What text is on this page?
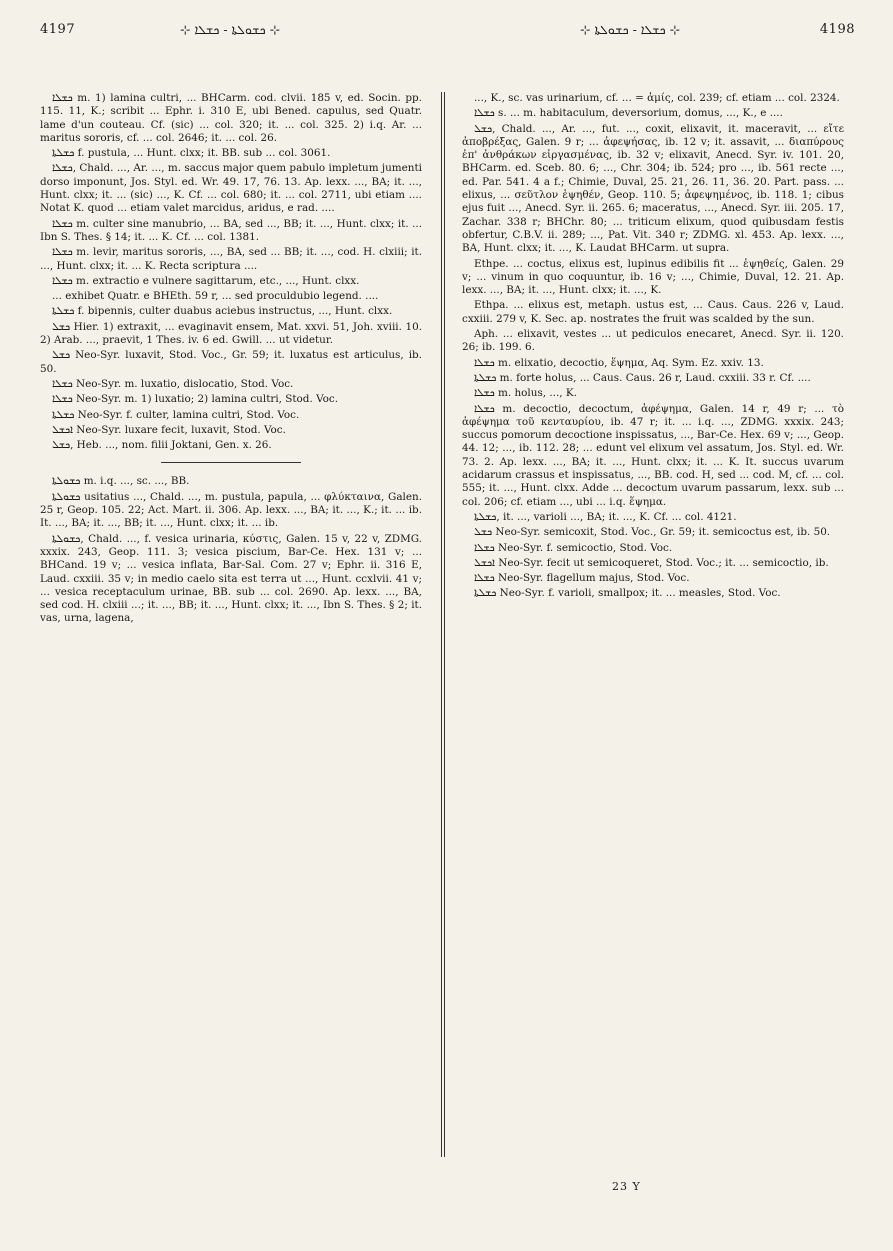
4197	⊹ ܟܫܘܠܬܐ - ܟܫܠܐ ⊹	⊹ ܟܫܠܐ - ܟܫܘܠܬܐ ⊹	4198

ܟܫܠܐ m. 1) lamina cultri, ... BHCarm. cod. clvii. 185 v, ed. Socin. pp. 115. 11, K.; scribit ... Ephr. i. 310 E, ubi Bened. capulus, sed Quatr. lame d'un couteau. Cf. (sic) ... col. 320; it. ... col. 325. 2) i.q. Ar. ... maritus sororis, cf. ... col. 2646; it. ... col. 26.

ܟܫܠܬܐ f. pustula, ... Hunt. clxx; it. BB. sub ... col. 3061.

ܟܫܠܐ, Chald. ..., Ar. ..., m. saccus major quem pabulo impletum jumenti dorso imponunt, Jos. Styl. ed. Wr. 49. 17, 76. 13. Ap. lexx. ..., BA; it. ..., Hunt. clxx; it. ... (sic) ..., K. Cf. ... col. 680; it. ... col. 2711, ubi etiam .... Notat K. quod ... etiam valet marcidus, aridus, e rad. ....

ܟܫܠܐ m. culter sine manubrio, ... BA, sed ..., BB; it. ..., Hunt. clxx; it. ... Ibn S. Thes. § 14; it. ... K. Cf. ... col. 1381.

ܟܫܠܐ m. levir, maritus sororis, ..., BA, sed ... BB; it. ..., cod. H. clxiii; it. ..., Hunt. clxx; it. ... K. Recta scriptura ....

ܟܫܠܐ m. extractio e vulnere sagittarum, etc., ..., Hunt. clxx.

... exhibet Quatr. e BHEth. 59 r, ... sed proculdubio legend. ....

ܟܫܠܬܐ f. bipennis, culter duabus aciebus instructus, ..., Hunt. clxx.

ܟܫܠ Hier. 1) extraxit, ... evaginavit ensem, Mat. xxvi. 51, Joh. xviii. 10. 2) Arab. ..., praevit, 1 Thes. iv. 6 ed. Gwill. ... ut videtur.

ܟܫܠ Neo-Syr. luxavit, Stod. Voc., Gr. 59; it. luxatus est articulus, ib. 50.

ܟܫܠܐ Neo-Syr. m. luxatio, dislocatio, Stod. Voc.

ܟܫܠܐ Neo-Syr. m. 1) luxatio; 2) lamina cultri, Stod. Voc.

ܟܫܠܬܐ Neo-Syr. f. culter, lamina cultri, Stod. Voc.

ܐܟܫܠ Neo-Syr. luxare fecit, luxavit, Stod. Voc.

ܟܫܠ, Heb. ..., nom. filii Joktani, Gen. x. 26.

ܟܫܘܠܬܐ m. i.q. ..., sc. ..., BB.

ܟܫܘܠܬܐ usitatius ..., Chald. ..., m. pustula, papula, ... φλύκταινα, Galen. 25 r, Geop. 105. 22; Act. Mart. ii. 306. Ap. lexx. ..., BA; it. ..., K.; it. ... ib. It. ..., BA; it. ..., BB; it. ..., Hunt. clxx; it. ... ib.

ܟܫܘܠܬܐ, Chald. ..., f. vesica urinaria, κύστις, Galen. 15 v, 22 v, ZDMG. xxxix. 243, Geop. 111. 3; vesica piscium, Bar-Ce. Hex. 131 v; ... BHCand. 19 v; ... vesica inflata, Bar-Sal. Com. 27 v; Ephr. ii. 316 E, Laud. cxxiii. 35 v; in medio caelo sita est terra ut ..., Hunt. ccxlvii. 41 v; ... vesica receptaculum urinae, BB. sub ... col. 2690. Ap. lexx. ..., BA, sed cod. H. clxiii ...; it. ..., BB; it. ..., Hunt. clxx; it. ..., Ibn S. Thes. § 2; it. vas, urna, lagena,

..., K., sc. vas urinarium, cf. ... = ἀμίς, col. 239; cf. etiam ... col. 2324.

ܟܫܠܐ s. ... m. habitaculum, deversorium, domus, ..., K., e ....

ܟܫܠ, Chald. ..., Ar. ..., fut. ..., coxit, elixavit, it. maceravit, ... εἴτε ἀποβρέξας, Galen. 9 r; ... ἀφεψήσας, ib. 12 v; it. assavit, ... διαπύρους ἐπ' ἀνθράκων εἰργασμένας, ib. 32 v; elixavit, Anecd. Syr. iv. 101. 20, BHCarm. ed. Sceb. 80. 6; ..., Chr. 304; ib. 524; pro ..., ib. 561 recte ..., ed. Par. 541. 4 a f.; Chimie, Duval, 25. 21, 26. 11, 36. 20. Part. pass. ... elixus, ... σεῦτλον ἑψηθέν, Geop. 110. 5; ἀφεψημένος, ib. 118. 1; cibus ejus fuit ..., Anecd. Syr. ii. 265. 6; maceratus, ..., Anecd. Syr. iii. 205. 17, Zachar. 338 r; BHChr. 80; ... triticum elixum, quod quibusdam festis obfertur, C.B.V. ii. 289; ..., Pat. Vit. 340 r; ZDMG. xl. 453. Ap. lexx. ..., BA, Hunt. clxx; it. ..., K. Laudat BHCarm. ut supra.

Ethpe. ... coctus, elixus est, lupinus edibilis fit ... ἑψηθείς, Galen. 29 v; ... vinum in quo coquuntur, ib. 16 v; ..., Chimie, Duval, 12. 21. Ap. lexx. ..., BA; it. ..., Hunt. clxx; it. ..., K.

Ethpa. ... elixus est, metaph. ustus est, ... Caus. Caus. 226 v, Laud. cxxiii. 279 v, K. Sec. ap. nostrates the fruit was scalded by the sun.

Aph. ... elixavit, vestes ... ut pediculos enecaret, Anecd. Syr. ii. 120. 26; ib. 199. 6.

ܟܫܠܐ m. elixatio, decoctio, ἕψημα, Aq. Sym. Ez. xxiv. 13.

ܟܫܠܬܐ m. forte holus, ... Caus. Caus. 26 r, Laud. cxxiii. 33 r. Cf. ....

ܟܫܠܐ m. holus, ..., K.

ܟܫܠܐ m. decoctio, decoctum, ἀφέψημα, Galen. 14 r, 49 r; ... τὸ ἀφέψημα τοῦ κενταυρίου, ib. 47 r; it. ... i.q. ..., ZDMG. xxxix. 243; succus pomorum decoctione inspissatus, ..., Bar-Ce. Hex. 69 v; ..., Geop. 44. 12; ..., ib. 112. 28; ... edunt vel elixum vel assatum, Jos. Styl. ed. Wr. 73. 2. Ap. lexx. ..., BA; it. ..., Hunt. clxx; it. ... K. It. succus uvarum acidarum crassus et inspissatus, ..., BB. cod. H, sed ... cod. M, cf. ... col. 555; it. ..., Hunt. clxx. Adde ... decoctum uvarum passarum, lexx. sub ... col. 206; cf. etiam ..., ubi ... i.q. ἕψημα.

ܟܫܠܬܐ, it. ..., varioli ..., BA; it. ..., K. Cf. ... col. 4121.

ܟܫܠ Neo-Syr. semicoxit, Stod. Voc., Gr. 59; it. semicoctus est, ib. 50.

ܟܫܠܐ Neo-Syr. f. semicoctio, Stod. Voc.

ܐܟܫܠ Neo-Syr. fecit ut semicoqueret, Stod. Voc.; it. ... semicoctio, ib.

ܟܫܠܐ Neo-Syr. flagellum majus, Stod. Voc.

ܟܫܠܬܐ Neo-Syr. f. varioli, smallpox; it. ... measles, Stod. Voc.

23 Y
